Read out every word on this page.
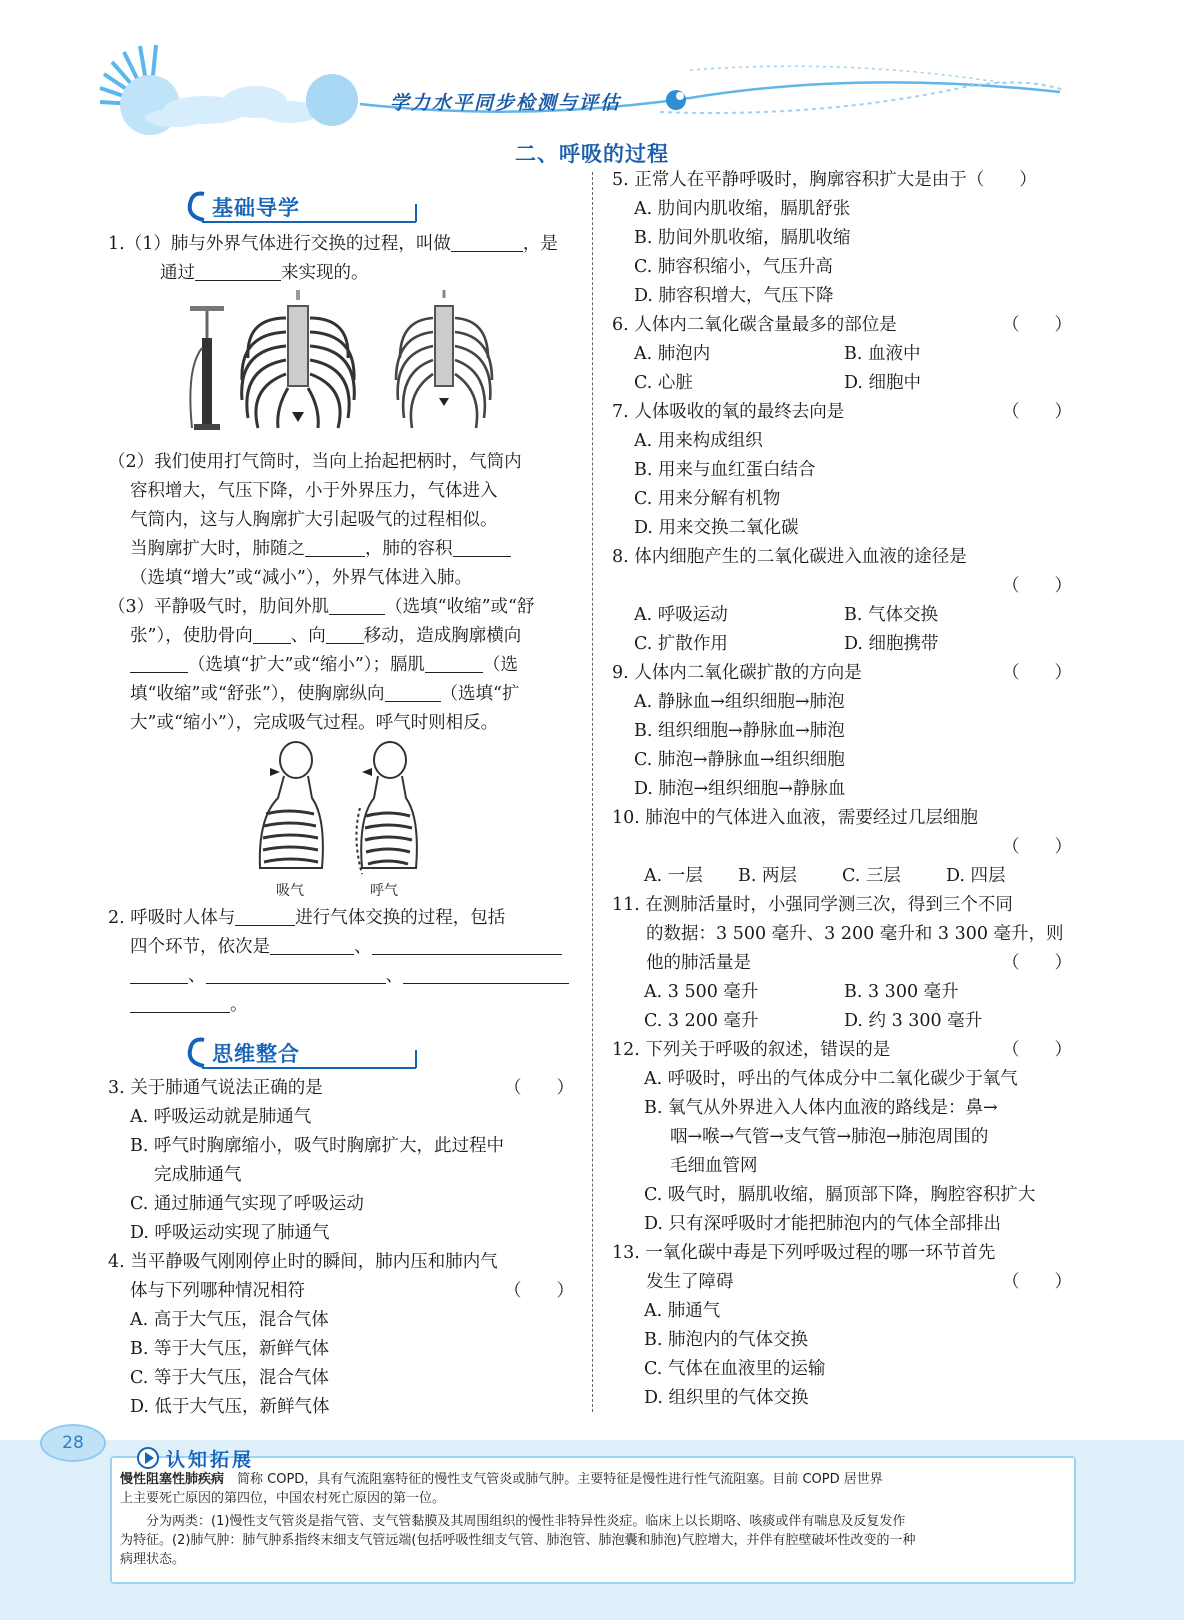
学力水平同步检测与评估
二、呼吸的过程
基础导学
1.（1）肺与外界气体进行交换的过程，叫做	，是
通过	来实现的。
（2）我们使用打气筒时，当向上抬起把柄时，气筒内
容积增大，气压下降，小于外界压力，气体进入
气筒内，这与人胸廓扩大引起吸气的过程相似。
当胸廓扩大时，肺随之	，肺的容积
（选填“增大”或“减小”），外界气体进入肺。
（3）平静吸气时，肋间外肌	（选填“收缩”或“舒
张”），使肋骨向 、向 移动，造成胸廓横向
（选填“扩大”或“缩小”）；膈肌	（选
填“收缩”或“舒张”），使胸廓纵向	（选填“扩
大”或“缩小”），完成吸气过程。呼气时则相反。
吸气	呼气
2. 呼吸时人体与	进行气体交换的过程，包括
四个环节，依次是	、
、	、
。
思维整合
3. 关于肺通气说法正确的是	（　　）
A. 呼吸运动就是肺通气
B. 呼气时胸廓缩小，吸气时胸廓扩大，此过程中
完成肺通气
C. 通过肺通气实现了呼吸运动
D. 呼吸运动实现了肺通气
4. 当平静吸气刚刚停止时的瞬间，肺内压和肺内气
体与下列哪种情况相符	（　　）
A. 高于大气压，混合气体
B. 等于大气压，新鲜气体
C. 等于大气压，混合气体
D. 低于大气压，新鲜气体
5. 正常人在平静呼吸时，胸廓容积扩大是由于（　　）
A. 肋间内肌收缩，膈肌舒张
B. 肋间外肌收缩，膈肌收缩
C. 肺容积缩小，气压升高
D. 肺容积增大，气压下降
6. 人体内二氧化碳含量最多的部位是	（　　）
A. 肺泡内	B. 血液中
C. 心脏	D. 细胞中
7. 人体吸收的氧的最终去向是	（　　）
A. 用来构成组织
B. 用来与血红蛋白结合
C. 用来分解有机物
D. 用来交换二氧化碳
8. 体内细胞产生的二氧化碳进入血液的途径是
（　　）
A. 呼吸运动	B. 气体交换
C. 扩散作用	D. 细胞携带
9. 人体内二氧化碳扩散的方向是	（　　）
A. 静脉血→组织细胞→肺泡
B. 组织细胞→静脉血→肺泡
C. 肺泡→静脉血→组织细胞
D. 肺泡→组织细胞→静脉血
10. 肺泡中的气体进入血液，需要经过几层细胞
（　　）
A. 一层 B. 两层	C. 三层	D. 四层
11. 在测肺活量时，小强同学测三次，得到三个不同
的数据：3 500 毫升、3 200 毫升和 3 300 毫升，则
他的肺活量是	（　　）
A. 3 500 毫升	B. 3 300 毫升
C. 3 200 毫升	D. 约 3 300 毫升
12. 下列关于呼吸的叙述，错误的是	（　　）
A. 呼吸时，呼出的气体成分中二氧化碳少于氧气
B. 氧气从外界进入人体内血液的路线是：鼻→
咽→喉→气管→支气管→肺泡→肺泡周围的
毛细血管网
C. 吸气时，膈肌收缩，膈顶部下降，胸腔容积扩大
D. 只有深呼吸时才能把肺泡内的气体全部排出
13. 一氧化碳中毒是下列呼吸过程的哪一环节首先
发生了障碍	（　　）
A. 肺通气
B. 肺泡内的气体交换
C. 气体在血液里的运输
D. 组织里的气体交换
28
慢性阻塞性肺疾病　简称 COPD，具有气流阻塞特征的慢性支气管炎或肺气肿。主要特征是慢性进行性气流阻塞。目前 COPD 居世界
上主要死亡原因的第四位，中国农村死亡原因的第一位。
　　分为两类：(1)慢性支气管炎是指气管、支气管黏膜及其周围组织的慢性非特异性炎症。临床上以长期咯、咳痰或伴有喘息及反复发作
为特征。(2)肺气肿：肺气肿系指终末细支气管远端(包括呼吸性细支气管、肺泡管、肺泡囊和肺泡)气腔增大，并伴有腔壁破坏性改变的一种
病理状态。
认知拓展
